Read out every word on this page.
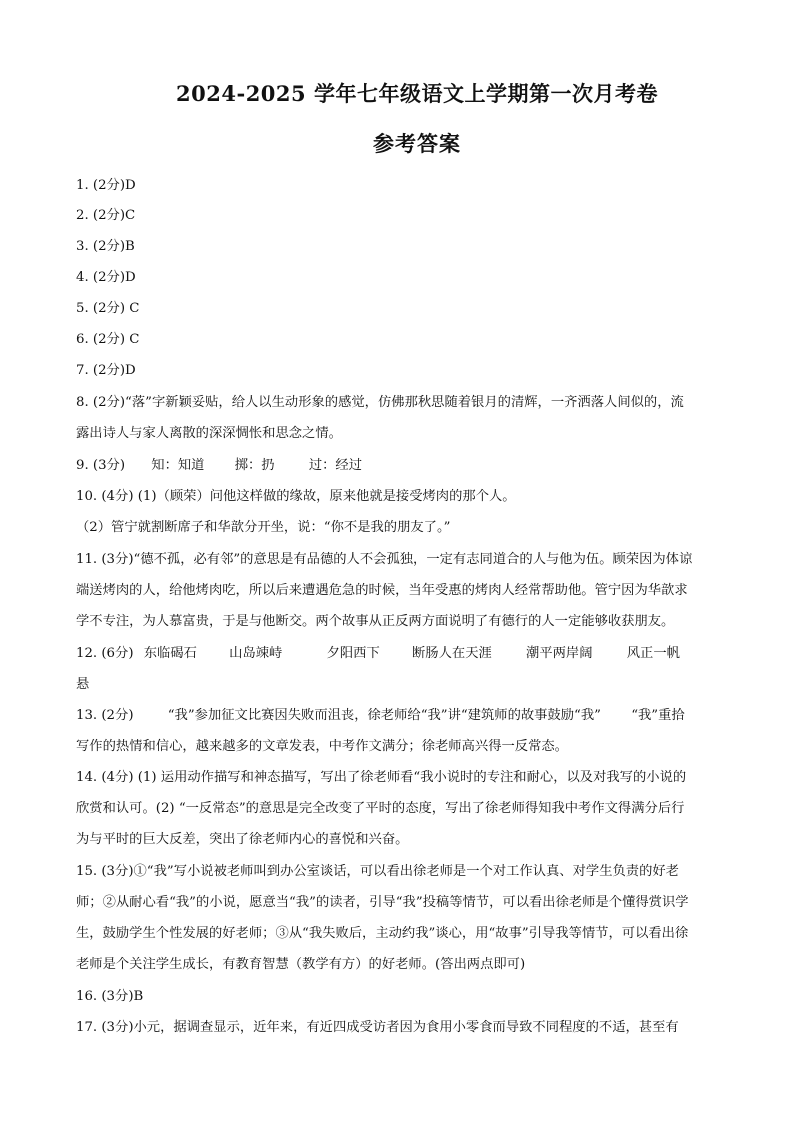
2024-2025 学年七年级语文上学期第一次月考卷
参考答案
1. (2分)D
2. (2分)C
3. (2分)B
4. (2分)D
5. (2分) C
6. (2分) C
7. (2分)D
8. (2分)“落”字新颖妥贴，给人以生动形象的感觉，仿佛那秋思随着银月的清辉，一齐洒落人间似的，流
露出诗人与家人离散的深深惆怅和思念之情。
9. (3分) 知：知道 掷：扔	过：经过
10. (4分) (1)（顾荣）问他这样做的缘故，原来他就是接受烤肉的那个人。
（2）管宁就割断席子和华歆分开坐，说：“你不是我的朋友了。”
11. (3分)“德不孤，必有邻”的意思是有品德的人不会孤独，一定有志同道合的人与他为伍。顾荣因为体谅
端送烤肉的人，给他烤肉吃，所以后来遭遇危急的时候，当年受惠的烤肉人经常帮助他。管宁因为华歆求
学不专注，为人慕富贵，于是与他断交。两个故事从正反两方面说明了有德行的人一定能够收获朋友。
12. (6分) 东临碣石 山岛竦峙	夕阳西下 断肠人在天涯	潮平两岸阔	风正一帆
悬
13. (2分)	“我”参加征文比赛因失败而沮丧，徐老师给“我”讲“建筑师的故事鼓励“我” “我”重拾
写作的热情和信心，越来越多的文章发表，中考作文满分；徐老师高兴得一反常态。
14. (4分) (1) 运用动作描写和神态描写，写出了徐老师看“我小说时的专注和耐心，以及对我写的小说的
欣赏和认可。(2) “一反常态”的意思是完全改变了平时的态度，写出了徐老师得知我中考作文得满分后行
为与平时的巨大反差，突出了徐老师内心的喜悦和兴奋。
15. (3分)①“我”写小说被老师叫到办公室谈话，可以看出徐老师是一个对工作认真、对学生负责的好老
师；②从耐心看“我”的小说，愿意当“我”的读者，引导“我”投稿等情节，可以看出徐老师是个懂得赏识学
生，鼓励学生个性发展的好老师；③从“我失败后，主动约我”谈心，用“故事”引导我等情节，可以看出徐
老师是个关注学生成长，有教育智慧（教学有方）的好老师。(答出两点即可)
16. (3分)B
17. (3分)小元，据调查显示，近年来，有近四成受访者因为食用小零食而导致不同程度的不适，甚至有
